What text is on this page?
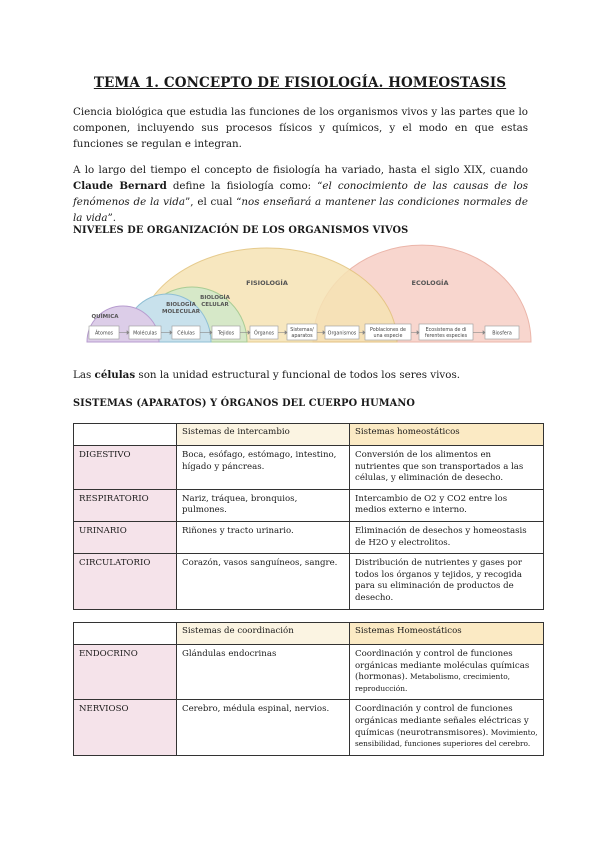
TEMA 1. CONCEPTO DE FISIOLOGÍA. HOMEOSTASIS
Ciencia biológica que estudia las funciones de los organismos vivos y las partes que lo componen, incluyendo sus procesos físicos y químicos, y el modo en que estas funciones se regulan e integran.
A lo largo del tiempo el concepto de fisiología ha variado, hasta el siglo XIX, cuando Claude Bernard define la fisiología como: “el conocimiento de las causas de los fenómenos de la vida”, el cual “nos enseñará a mantener las condiciones normales de la vida”.
NIVELES DE ORGANIZACIÓN DE LOS ORGANISMOS VIVOS
FISIOLOGÍA	ECOLOGÍA
QUÍMICA
BIOLOGÍA
MOLECULAR
BIOLOGÍA
CELULAR
Átomos	Moléculas	Células	Tejidos	Órganos
Sistemas/
aparatos	Organismos
Poblaciones de
una especie
Ecosistema de di
ferentes especies	Biosfera
Las células son la unidad estructural y funcional de todos los seres vivos.
SISTEMAS (APARATOS) Y ÓRGANOS DEL CUERPO HUMANO
	Sistemas de intercambio	Sistemas homeostáticos
DIGESTIVO	Boca, esófago, estómago, intestino, hígado y páncreas.	Conversión de los alimentos en nutrientes que son transportados a las células, y eliminación de desecho.
RESPIRATORIO	Nariz, tráquea, bronquios, pulmones.	Intercambio de O2 y CO2 entre los medios externo e interno.
URINARIO	Riñones y tracto urinario.	Eliminación de desechos y homeostasis de H2O y electrolitos.
CIRCULATORIO	Corazón, vasos sanguíneos, sangre.	Distribución de nutrientes y gases por todos los órganos y tejidos, y recogida para su eliminación de productos de desecho.
	Sistemas de coordinación	Sistemas Homeostáticos
ENDOCRINO	Glándulas endocrinas	Coordinación y control de funciones orgánicas mediante moléculas químicas (hormonas). Metabolismo, crecimiento, reproducción.
NERVIOSO	Cerebro, médula espinal, nervios.	Coordinación y control de funciones orgánicas mediante señales eléctricas y químicas (neurotransmisores). Movimiento, sensibilidad, funciones superiores del cerebro.
